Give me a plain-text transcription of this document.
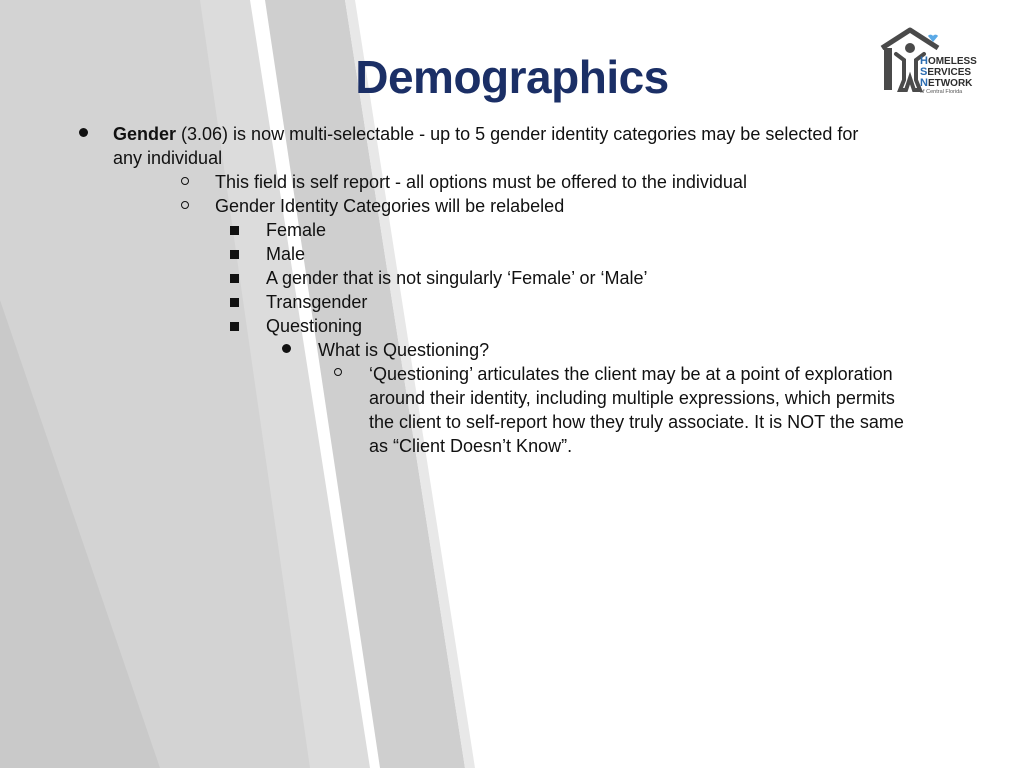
Demographics	HOMELESS
SERVICES
NETWORK
of Central Florida
Gender (3.06) is now multi-selectable - up to 5 gender identity categories may be selected for
any individual
This field is self report - all options must be offered to the individual
Gender Identity Categories will be relabeled
Female
Male
A gender that is not singularly ‘Female’ or ‘Male’
Transgender
Questioning
What is Questioning?
‘Questioning’ articulates the client may be at a point of exploration
around their identity, including multiple expressions, which permits
the client to self-report how they truly associate. It is NOT the same
as “Client Doesn’t Know”.
